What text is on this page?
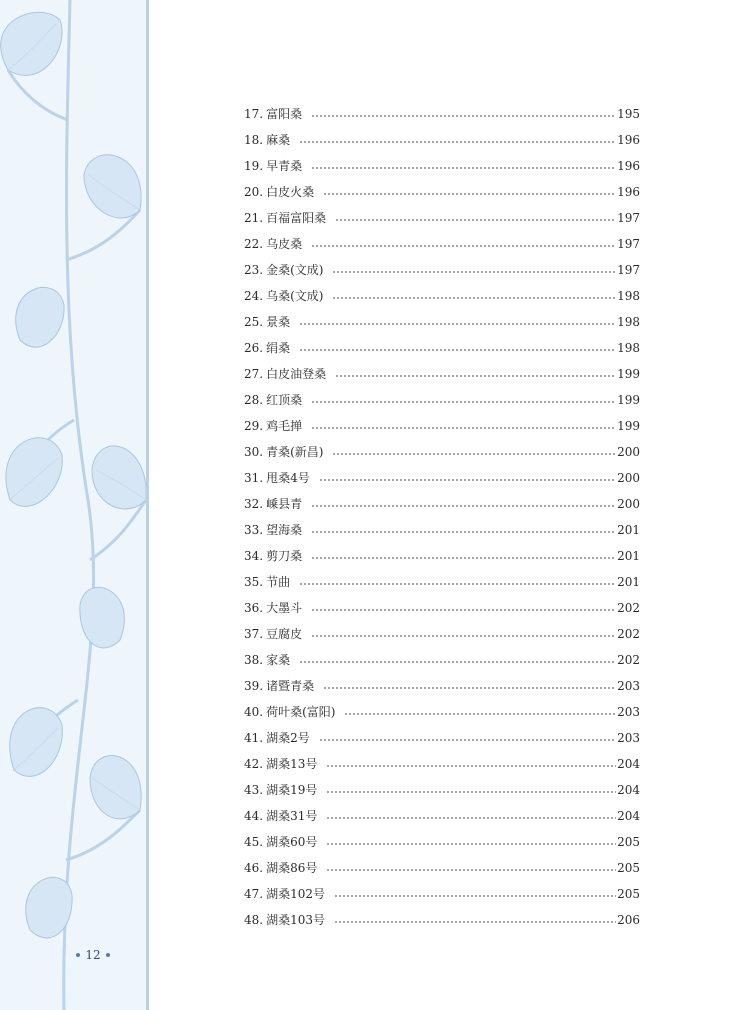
17. 富阳桑	195
18. 麻桑	196
19. 早青桑	196
20. 白皮火桑	196
21. 百福富阳桑	197
22. 乌皮桑	197
23. 金桑(文成)	197
24. 乌桑(文成)	198
25. 景桑	198
26. 绢桑	198
27. 白皮油登桑	199
28. 红顶桑	199
29. 鸡毛掸	199
30. 青桑(新昌)	200
31. 甩桑4号	200
32. 嵊县青	200
33. 望海桑	201
34. 剪刀桑	201
35. 节曲	201
36. 大墨斗	202
37. 豆腐皮	202
38. 家桑	202
39. 诸暨青桑	203
40. 荷叶桑(富阳)	203
41. 湖桑2号	203
42. 湖桑13号	204
43. 湖桑19号	204
44. 湖桑31号	204
45. 湖桑60号	205
46. 湖桑86号	205
47. 湖桑102号	205
48. 湖桑103号	206
12
